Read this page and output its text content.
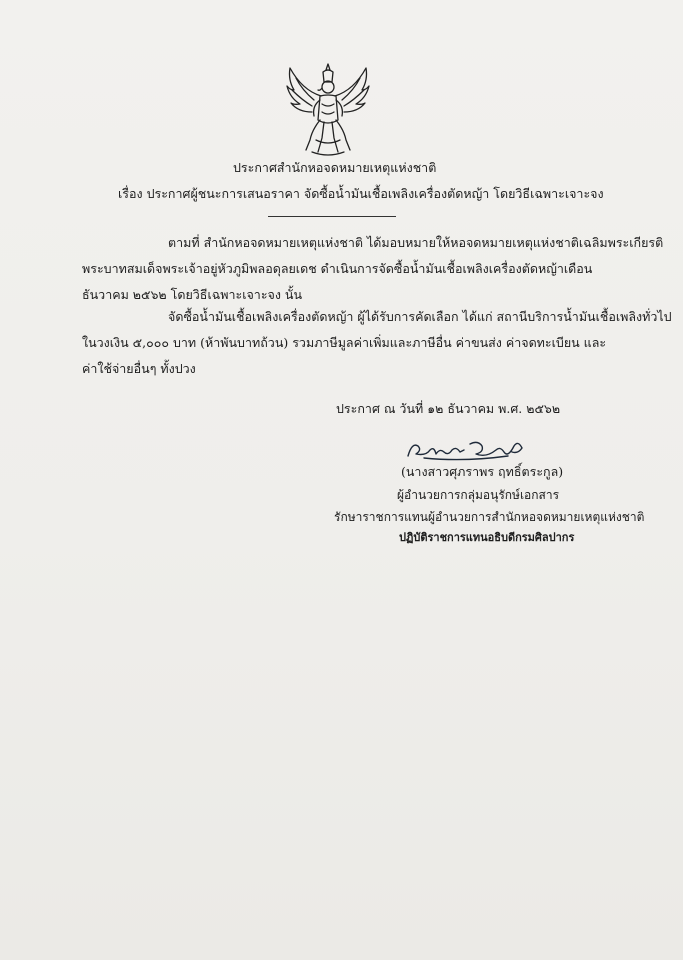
ประกาศสำนักหอจดหมายเหตุแห่งชาติ
เรื่อง ประกาศผู้ชนะการเสนอราคา จัดซื้อน้ำมันเชื้อเพลิงเครื่องตัดหญ้า โดยวิธีเฉพาะเจาะจง
ตามที่ สำนักหอจดหมายเหตุแห่งชาติ ได้มอบหมายให้หอจดหมายเหตุแห่งชาติเฉลิมพระเกียรติ
พระบาทสมเด็จพระเจ้าอยู่หัวภูมิพลอดุลยเดช ดำเนินการจัดซื้อน้ำมันเชื้อเพลิงเครื่องตัดหญ้าเดือน
ธันวาคม ๒๕๖๒ โดยวิธีเฉพาะเจาะจง นั้น
จัดซื้อน้ำมันเชื้อเพลิงเครื่องตัดหญ้า ผู้ได้รับการคัดเลือก ได้แก่ สถานีบริการน้ำมันเชื้อเพลิงทั่วไป
ในวงเงิน ๕,๐๐๐ บาท (ห้าพันบาทถ้วน) รวมภาษีมูลค่าเพิ่มและภาษีอื่น ค่าขนส่ง ค่าจดทะเบียน และ
ค่าใช้จ่ายอื่นๆ ทั้งปวง
ประกาศ ณ วันที่ ๑๒ ธันวาคม พ.ศ. ๒๕๖๒
(นางสาวศุภราพร ฤทธิ์ตระกูล)
ผู้อำนวยการกลุ่มอนุรักษ์เอกสาร
รักษาราชการแทนผู้อำนวยการสำนักหอจดหมายเหตุแห่งชาติ
ปฏิบัติราชการแทนอธิบดีกรมศิลปากร
